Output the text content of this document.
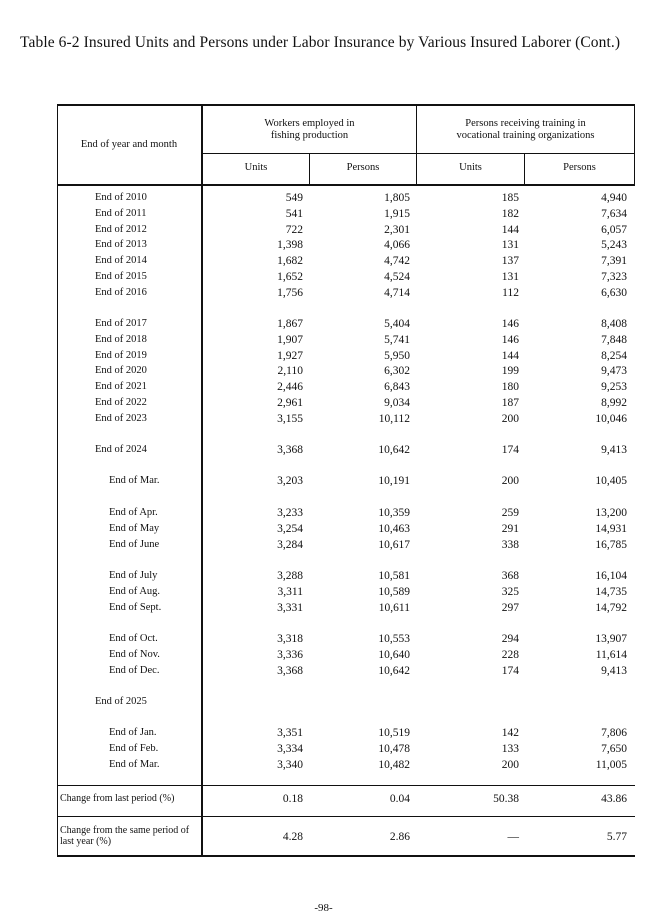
Table 6-2 Insured Units and Persons under Labor Insurance by Various Insured Laborer (Cont.)
End of year and month
Workers employed in
fishing production
Persons receiving training in
vocational training organizations
Units	Persons	Units	Persons
End of 2010	549	1,805	185	4,940
End of 2011	541	1,915	182	7,634
End of 2012	722	2,301	144	6,057
End of 2013	1,398	4,066	131	5,243
End of 2014	1,682	4,742	137	7,391
End of 2015	1,652	4,524	131	7,323
End of 2016	1,756	4,714	112	6,630
End of 2017	1,867	5,404	146	8,408
End of 2018	1,907	5,741	146	7,848
End of 2019	1,927	5,950	144	8,254
End of 2020	2,110	6,302	199	9,473
End of 2021	2,446	6,843	180	9,253
End of 2022	2,961	9,034	187	8,992
End of 2023	3,155	10,112	200	10,046
End of 2024	3,368	10,642	174	9,413
End of Mar.	3,203	10,191	200	10,405
End of Apr.	3,233	10,359	259	13,200
End of May	3,254	10,463	291	14,931
End of June	3,284	10,617	338	16,785
End of July	3,288	10,581	368	16,104
End of Aug.	3,311	10,589	325	14,735
End of Sept.	3,331	10,611	297	14,792
End of Oct.	3,318	10,553	294	13,907
End of Nov.	3,336	10,640	228	11,614
End of Dec.	3,368	10,642	174	9,413
End of 2025
End of Jan.	3,351	10,519	142	7,806
End of Feb.	3,334	10,478	133	7,650
End of Mar.	3,340	10,482	200	11,005
Change from last period (%)	0.18	0.04	50.38	43.86
Change from the same period of
last year (%)	4.28	2.86	—	5.77
-98-
